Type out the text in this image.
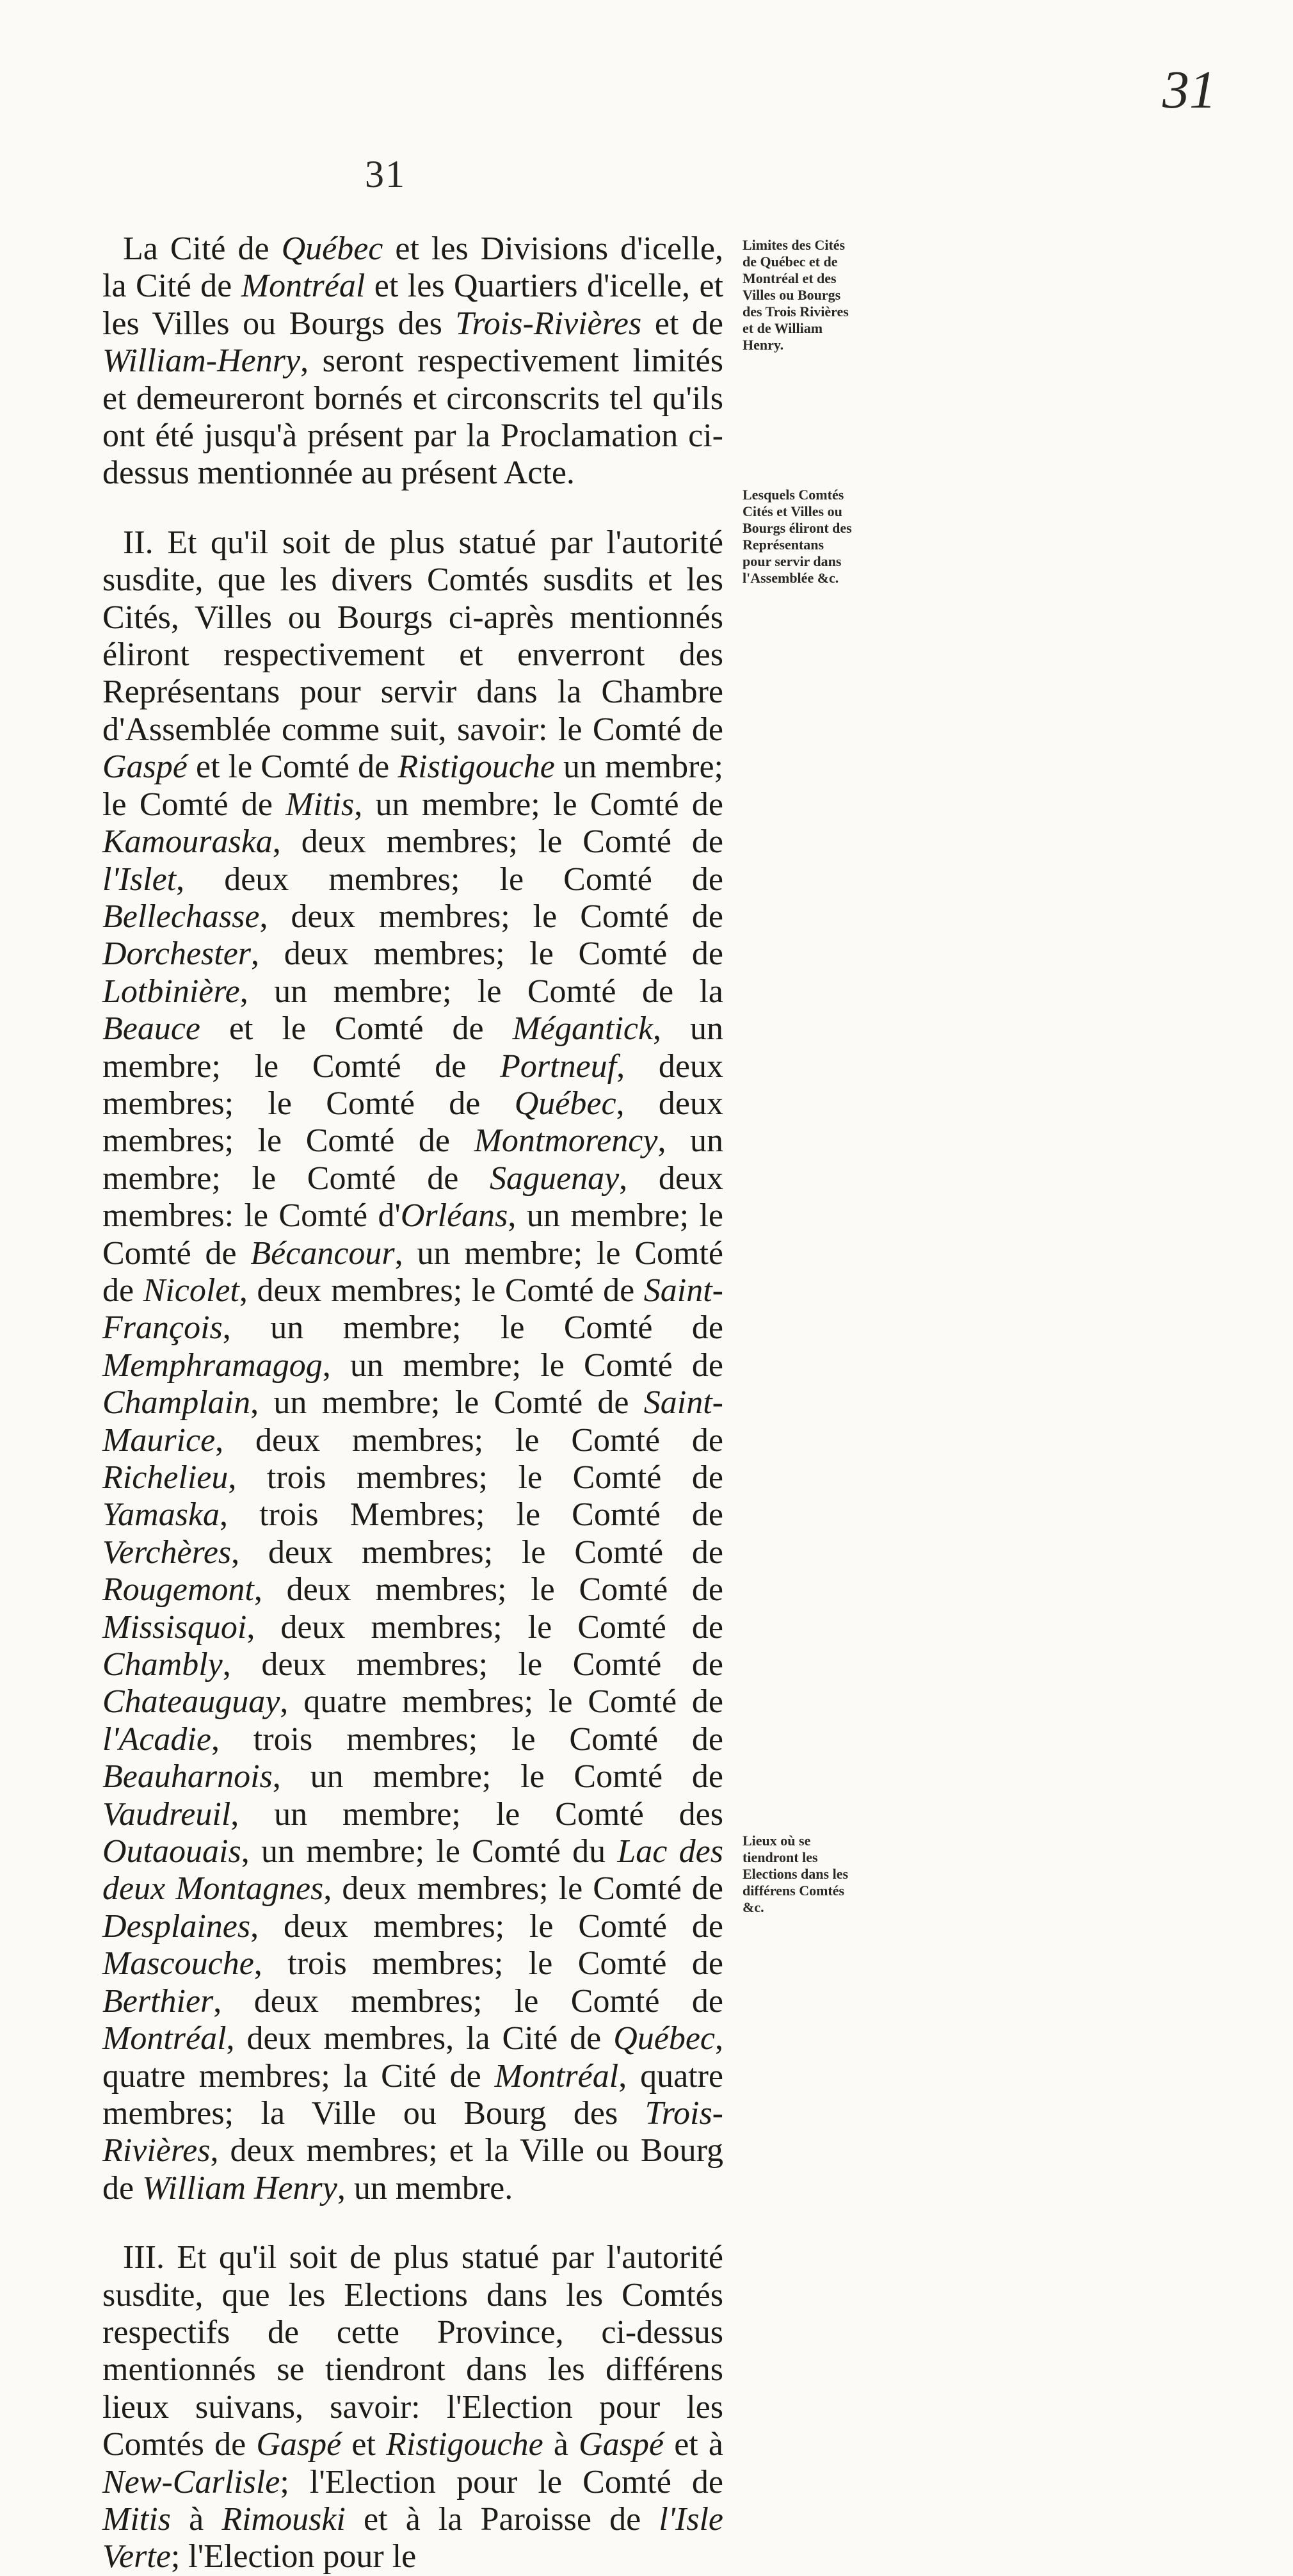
31
31
Limites des Cités de Québec et de Montréal et des Villes ou Bourgs des Trois Rivières et de William Henry.
Lesquels Comtés Cités et Villes ou Bourgs éliront des Représentans pour servir dans l'Assemblée &c.
Lieux où se tiendront les Elections dans les différens Comtés &c.

La Cité de Québec et les Divisions d'icelle, la Cité de Montréal et les Quartiers d'icelle, et les Villes ou Bourgs des Trois-Rivières et de William-Henry, seront respectivement limités et demeureront bornés et circonscrits tel qu'ils ont été jusqu'à présent par la Proclamation ci-dessus mentionnée au présent Acte.

II. Et qu'il soit de plus statué par l'autorité susdite, que les divers Comtés susdits et les Cités, Villes ou Bourgs ci-après mentionnés éliront respectivement et enverront des Représentans pour servir dans la Chambre d'Assemblée comme suit, savoir: le Comté de Gaspé et le Comté de Ristigouche un membre; le Comté de Mitis, un membre; le Comté de Kamouraska, deux membres; le Comté de l'Islet, deux membres; le Comté de Bellechasse, deux membres; le Comté de Dorchester, deux membres; le Comté de Lotbinière, un membre; le Comté de la Beauce et le Comté de Mégantick, un membre; le Comté de Portneuf, deux membres; le Comté de Québec, deux membres; le Comté de Montmorency, un membre; le Comté de Saguenay, deux membres: le Comté d'Orléans, un membre; le Comté de Bécancour, un membre; le Comté de Nicolet, deux membres; le Comté de Saint-François, un membre; le Comté de Memphramagog, un membre; le Comté de Champlain, un membre; le Comté de Saint-Maurice, deux membres; le Comté de Richelieu, trois membres; le Comté de Yamaska, trois Membres; le Comté de Verchères, deux membres; le Comté de Rougemont, deux membres; le Comté de Missisquoi, deux membres; le Comté de Chambly, deux membres; le Comté de Chateauguay, quatre membres; le Comté de l'Acadie, trois membres; le Comté de Beauharnois, un membre; le Comté de Vaudreuil, un membre; le Comté des Outaouais, un membre; le Comté du Lac des deux Montagnes, deux membres; le Comté de Desplaines, deux membres; le Comté de Mascouche, trois membres; le Comté de Berthier, deux membres; le Comté de Montréal, deux membres, la Cité de Québec, quatre membres; la Cité de Montréal, quatre membres; la Ville ou Bourg des Trois-Rivières, deux membres; et la Ville ou Bourg de William Henry, un membre.

III. Et qu'il soit de plus statué par l'autorité susdite, que les Elections dans les Comtés respectifs de cette Province, ci-dessus mentionnés se tiendront dans les différens lieux suivans, savoir: l'Election pour les Comtés de Gaspé et Ristigouche à Gaspé et à New-Carlisle; l'Election pour le Comté de Mitis à Rimouski et à la Paroisse de l'Isle Verte; l'Election pour le
